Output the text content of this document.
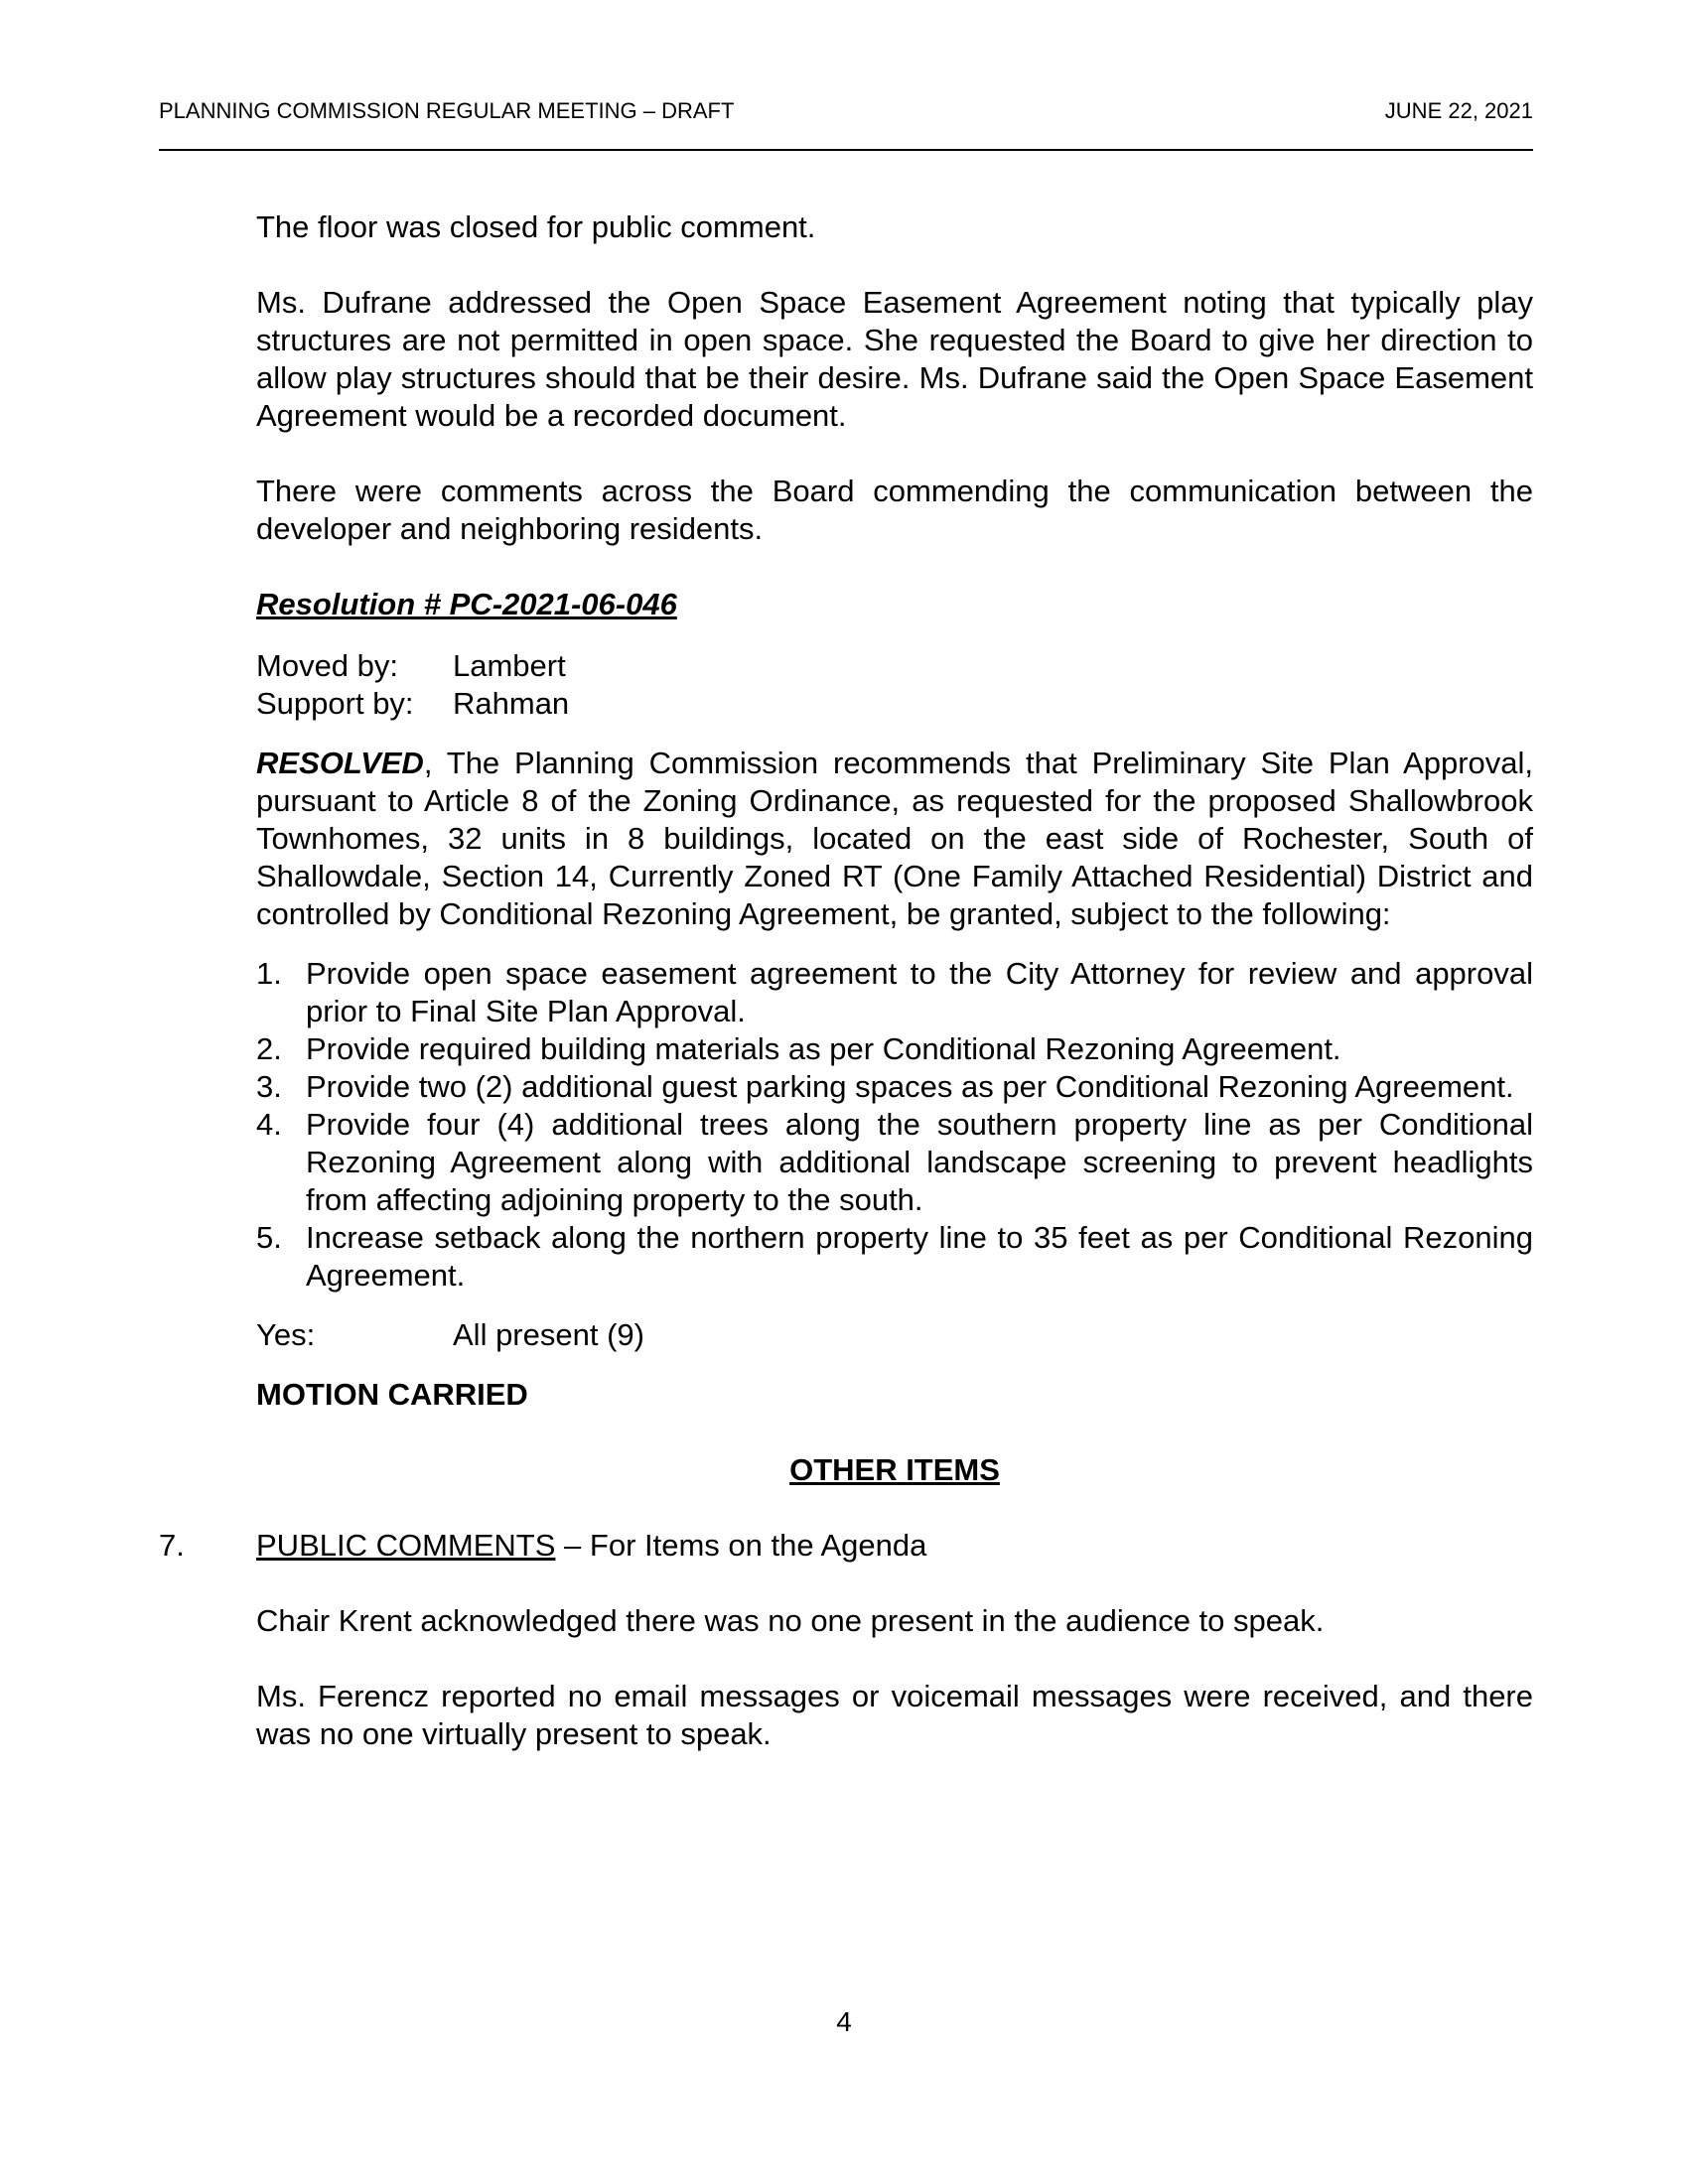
PLANNING COMMISSION REGULAR MEETING – DRAFT	JUNE 22, 2021

The floor was closed for public comment.

Ms. Dufrane addressed the Open Space Easement Agreement noting that typically play structures are not permitted in open space. She requested the Board to give her direction to allow play structures should that be their desire. Ms. Dufrane said the Open Space Easement Agreement would be a recorded document.

There were comments across the Board commending the communication between the developer and neighboring residents.

Resolution # PC-2021-06-046
Moved by:	Lambert
Support by:	Rahman

RESOLVED, The Planning Commission recommends that Preliminary Site Plan Approval, pursuant to Article 8 of the Zoning Ordinance, as requested for the proposed Shallowbrook Townhomes, 32 units in 8 buildings, located on the east side of Rochester, South of Shallowdale, Section 14, Currently Zoned RT (One Family Attached Residential) District and controlled by Conditional Rezoning Agreement, be granted, subject to the following:

1. Provide open space easement agreement to the City Attorney for review and approval prior to Final Site Plan Approval.
2. Provide required building materials as per Conditional Rezoning Agreement.
3. Provide two (2) additional guest parking spaces as per Conditional Rezoning Agreement.
4. Provide four (4) additional trees along the southern property line as per Conditional Rezoning Agreement along with additional landscape screening to prevent headlights from affecting adjoining property to the south.
5. Increase setback along the northern property line to 35 feet as per Conditional Rezoning Agreement.
Yes:	All present (9)
MOTION CARRIED
OTHER ITEMS
7. PUBLIC COMMENTS – For Items on the Agenda

Chair Krent acknowledged there was no one present in the audience to speak.

Ms. Ferencz reported no email messages or voicemail messages were received, and there was no one virtually present to speak.

4
